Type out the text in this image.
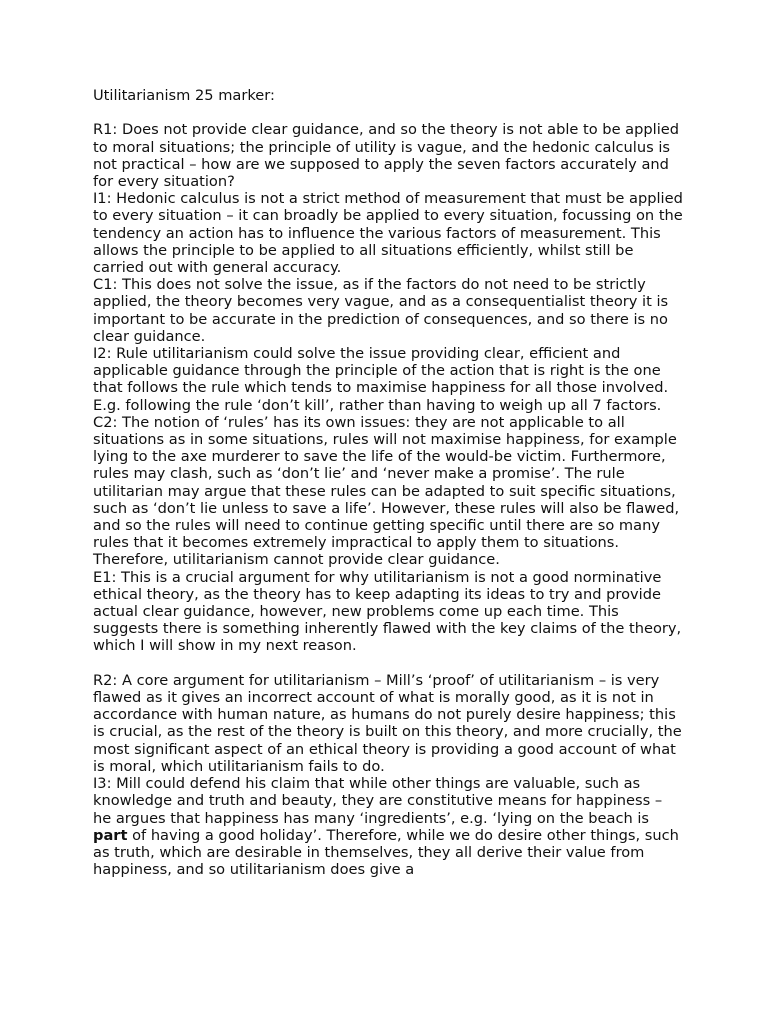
Utilitarianism 25 marker:

R1: Does not provide clear guidance, and so the theory is not able to be applied to moral situations; the principle of utility is vague, and the hedonic calculus is not practical – how are we supposed to apply the seven factors accurately and for every situation?

I1: Hedonic calculus is not a strict method of measurement that must be applied to every situation – it can broadly be applied to every situation, focussing on the tendency an action has to influence the various factors of measurement. This allows the principle to be applied to all situations efficiently, whilst still be carried out with general accuracy.

C1: This does not solve the issue, as if the factors do not need to be strictly applied, the theory becomes very vague, and as a consequentialist theory it is important to be accurate in the prediction of consequences, and so there is no clear guidance.

I2: Rule utilitarianism could solve the issue providing clear, efficient and applicable guidance through the principle of the action that is right is the one that follows the rule which tends to maximise happiness for all those involved. E.g. following the rule ‘don’t kill’, rather than having to weigh up all 7 factors.

C2: The notion of ‘rules’ has its own issues: they are not applicable to all situations as in some situations, rules will not maximise happiness, for example lying to the axe murderer to save the life of the would-be victim. Furthermore, rules may clash, such as ‘don’t lie’ and ‘never make a promise’. The rule utilitarian may argue that these rules can be adapted to suit specific situations, such as ‘don’t lie unless to save a life’. However, these rules will also be flawed, and so the rules will need to continue getting specific until there are so many rules that it becomes extremely impractical to apply them to situations. Therefore, utilitarianism cannot provide clear guidance.

E1: This is a crucial argument for why utilitarianism is not a good norminative ethical theory, as the theory has to keep adapting its ideas to try and provide actual clear guidance, however, new problems come up each time. This suggests there is something inherently flawed with the key claims of the theory, which I will show in my next reason.

R2: A core argument for utilitarianism – Mill’s ‘proof’ of utilitarianism – is very flawed as it gives an incorrect account of what is morally good, as it is not in accordance with human nature, as humans do not purely desire happiness; this is crucial, as the rest of the theory is built on this theory, and more crucially, the most significant aspect of an ethical theory is providing a good account of what is moral, which utilitarianism fails to do.

I3: Mill could defend his claim that while other things are valuable, such as knowledge and truth and beauty, they are constitutive means for happiness – he argues that happiness has many ‘ingredients’, e.g. ‘lying on the beach is part of having a good holiday’. Therefore, while we do desire other things, such as truth, which are desirable in themselves, they all derive their value from happiness, and so utilitarianism does give a
